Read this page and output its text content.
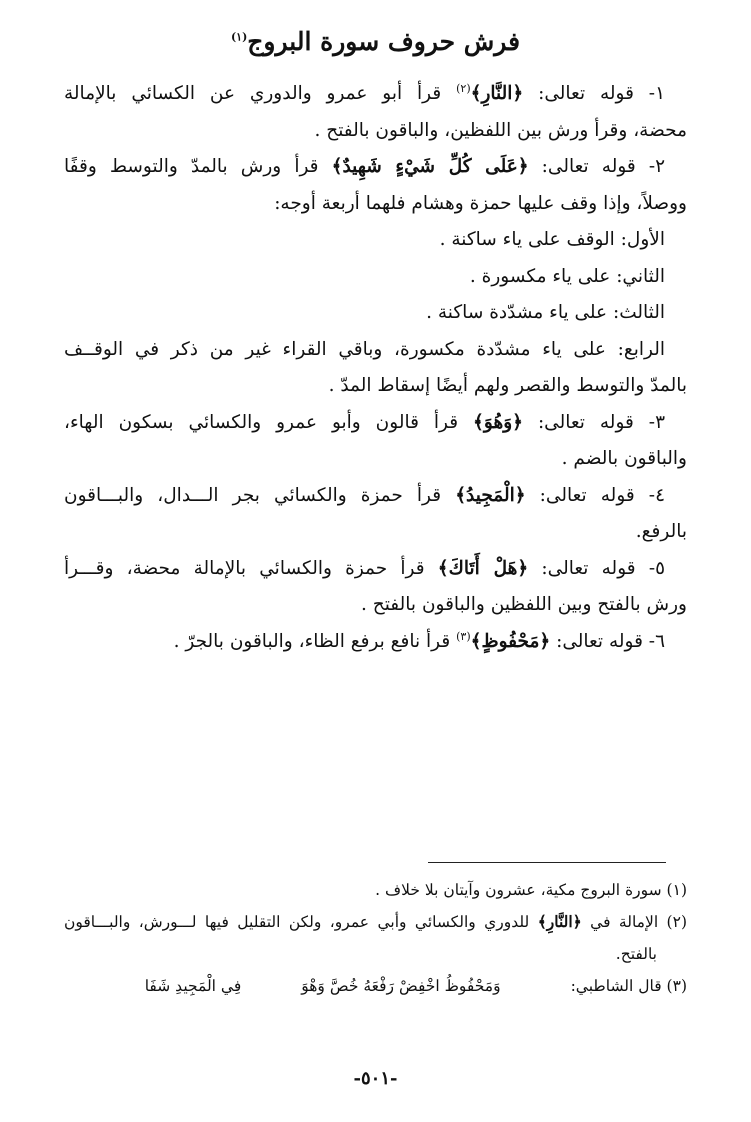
فرش حروف سورة البروج$^{(١)}$
١- قوله تعالى: ﴿النَّارِ﴾$^{(٢)}$ قرأ أبو عمرو والدوري عن الكسائي بالإمالة
محضة، وقرأ ورش بين اللفظين، والباقون بالفتح .
٢- قوله تعالى: ﴿عَلَى كُلِّ شَيْءٍ شَهِيدٌ﴾ قرأ ورش بالمدّ والتوسط وقفًا
ووصلاً، وإذا وقف عليها حمزة وهشام فلهما أربعة أوجه:
الأول: الوقف على ياء ساكنة .
الثاني: على ياء مكسورة .
الثالث: على ياء مشدّدة ساكنة .
الرابع: على ياء مشدّدة مكسورة، وباقي القراء غير من ذكر في الوقــف
بالمدّ والتوسط والقصر ولهم أيضًا إسقاط المدّ .
٣- قوله تعالى: ﴿وَهُوَ﴾ قرأ قالون وأبو عمرو والكسائي بسكون الهاء،
والباقون بالضم .
٤- قوله تعالى: ﴿الْمَجِيدُ﴾ قرأ حمزة والكسائي بجر الـــدال، والبـــاقون
بالرفع.
٥- قوله تعالى: ﴿هَلْ أَتَاكَ﴾ قرأ حمزة والكسائي بالإمالة محضة، وقـــرأ
ورش بالفتح وبين اللفظين والباقون بالفتح .
٦- قوله تعالى: ﴿مَحْفُوظٍ﴾$^{(٣)}$ قرأ نافع برفع الظاء، والباقون بالجرّ .
(١) سورة البروج مكية، عشرون وآيتان بلا خلاف .
(٢) الإمالة في ﴿النَّارِ﴾ للدوري والكسائي وأبي عمرو، ولكن التقليل فيها لـــورش، والبـــاقون
بالفتح.
(٣) قال الشاطبي:وَمَحْفُوظُ اخْفِضْ رَفْعَهُ خُصَّ وَهْوَفِي الْمَجِيدِ شَفَا
-٥٠١-
